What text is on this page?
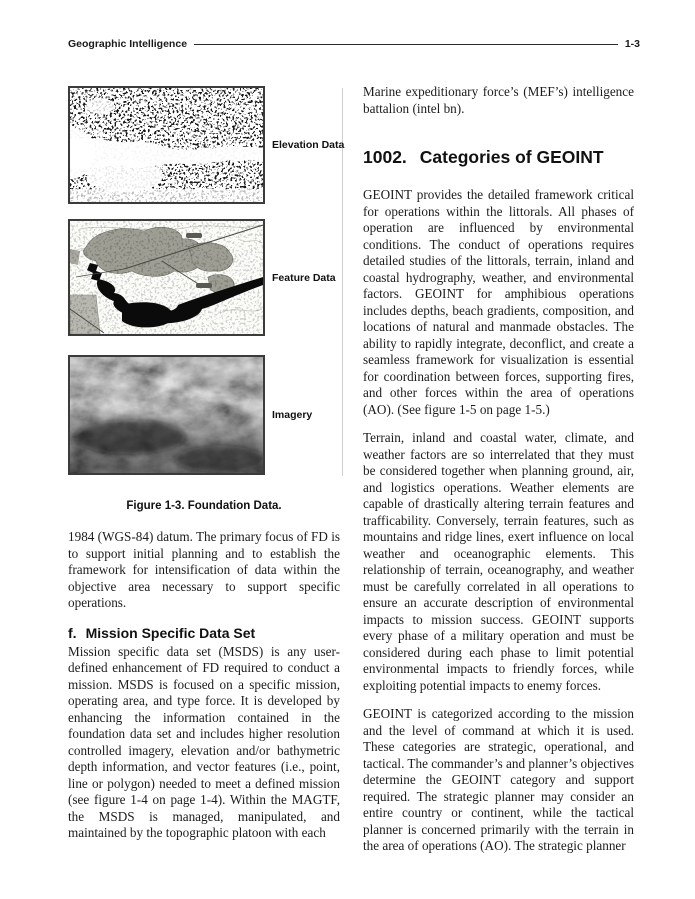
Geographic Intelligence	1-3
Elevation Data
Feature Data
Imagery
Figure 1-3. Foundation Data.

1984 (WGS-84) datum. The primary focus of FD is to support initial planning and to establish the framework for intensification of data within the objective area necessary to support specific operations.

f. Mission Specific Data Set

Mission specific data set (MSDS) is any user-defined enhancement of FD required to conduct a mission. MSDS is focused on a specific mission, operating area, and type force. It is developed by enhancing the information contained in the foundation data set and includes higher resolution controlled imagery, elevation and/or bathymetric depth information, and vector features (i.e., point, line or polygon) needed to meet a defined mission (see figure 1-4 on page 1-4). Within the MAGTF, the MSDS is managed, manipulated, and maintained by the topographic platoon with each

Marine expeditionary force’s (MEF’s) intelligence battalion (intel bn).

1002. Categories of GEOINT

GEOINT provides the detailed framework critical for operations within the littorals. All phases of operation are influenced by environmental conditions. The conduct of operations requires detailed studies of the littorals, terrain, inland and coastal hydrography, weather, and environmental factors. GEOINT for amphibious operations includes depths, beach gradients, composition, and locations of natural and manmade obstacles. The ability to rapidly integrate, deconflict, and create a seamless framework for visualization is essential for coordination between forces, supporting fires, and other forces within the area of operations (AO). (See figure 1-5 on page 1-5.)

Terrain, inland and coastal water, climate, and weather factors are so interrelated that they must be considered together when planning ground, air, and logistics operations. Weather elements are capable of drastically altering terrain features and trafficability. Conversely, terrain features, such as mountains and ridge lines, exert influence on local weather and oceanographic elements. This relationship of terrain, oceanography, and weather must be carefully correlated in all operations to ensure an accurate description of environmental impacts to mission success. GEOINT supports every phase of a military operation and must be considered during each phase to limit potential environmental impacts to friendly forces, while exploiting potential impacts to enemy forces.

GEOINT is categorized according to the mission and the level of command at which it is used. These categories are strategic, operational, and tactical. The commander’s and planner’s objectives determine the GEOINT category and support required. The strategic planner may consider an entire country or continent, while the tactical planner is concerned primarily with the terrain in the area of operations (AO). The strategic planner
